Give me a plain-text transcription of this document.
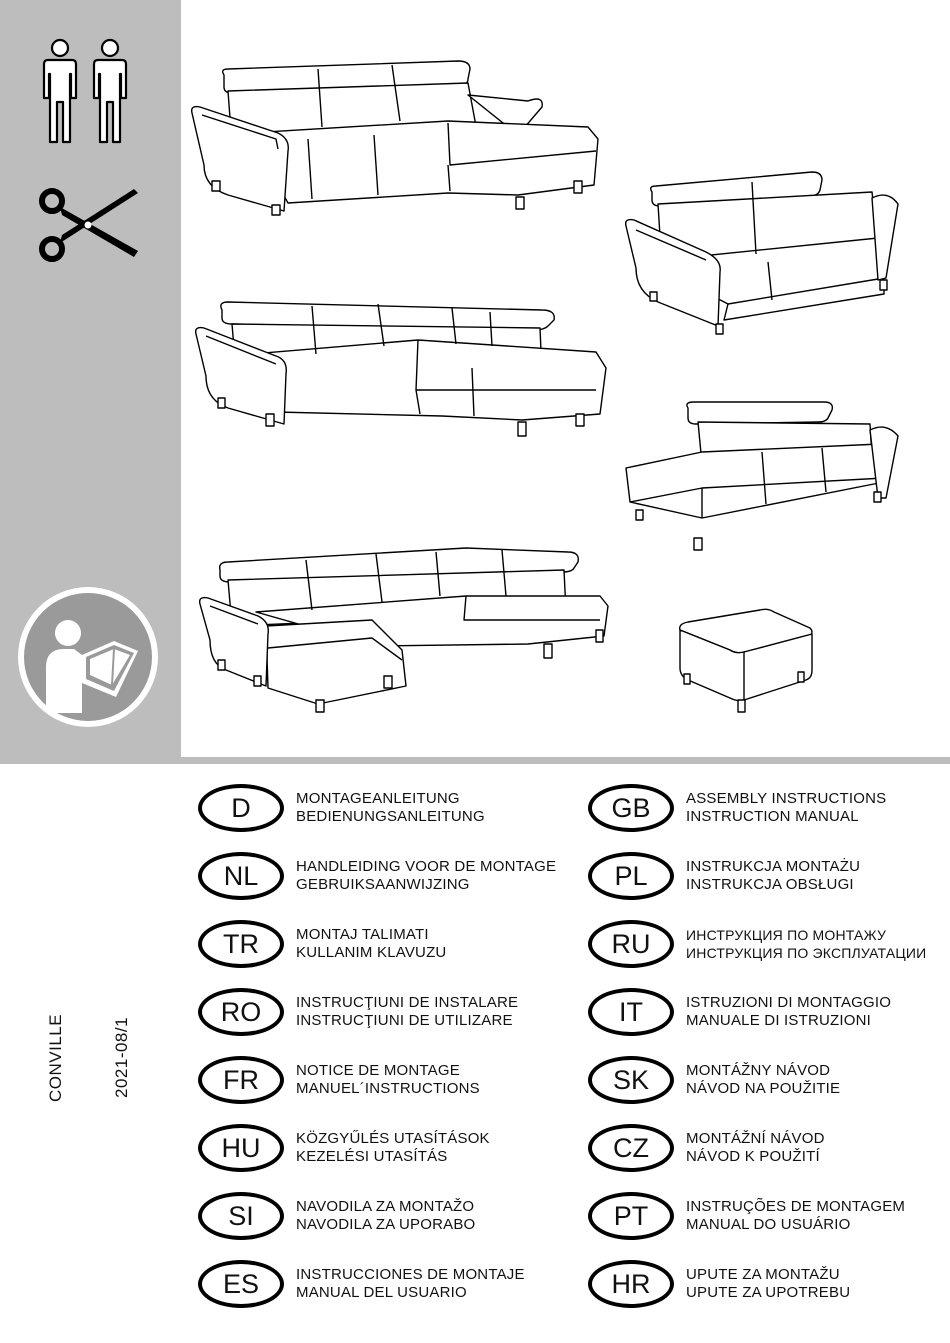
CONVILLE	2021-08/1
D	MONTAGEANLEITUNG
BEDIENUNGSANLEITUNG
NL	HANDLEIDING VOOR DE MONTAGE
GEBRUIKSAANWIJZING
TR	MONTAJ TALIMATI
KULLANIM KLAVUZU
RO	INSTRUCŢIUNI DE INSTALARE
INSTRUCŢIUNI DE UTILIZARE
FR	NOTICE DE MONTAGE
MANUEL´INSTRUCTIONS
HU	KÖZGYŰLÉS UTASÍTÁSOK
KEZELÉSI UTASÍTÁS
SI	NAVODILA ZA MONTAŽO
NAVODILA ZA UPORABO
ES	INSTRUCCIONES DE MONTAJE
MANUAL DEL USUARIO
GB	ASSEMBLY INSTRUCTIONS
INSTRUCTION MANUAL
PL	INSTRUKCJA MONTAŻU
INSTRUKCJA OBSŁUGI
RU	ИНСТРУКЦИЯ ПО МОНТАЖУ
ИНСТРУКЦИЯ ПО ЭКСПЛУАТАЦИИ
IT	ISTRUZIONI DI MONTAGGIO
MANUALE DI ISTRUZIONI
SK	MONTÁŽNY NÁVOD
NÁVOD NA POUŽITIE
CZ	MONTÁŽNÍ NÁVOD
NÁVOD K POUŽITÍ
PT	INSTRUÇÕES DE MONTAGEM
MANUAL DO USUÁRIO
HR	UPUTE ZA MONTAŽU
UPUTE ZA UPOTREBU
